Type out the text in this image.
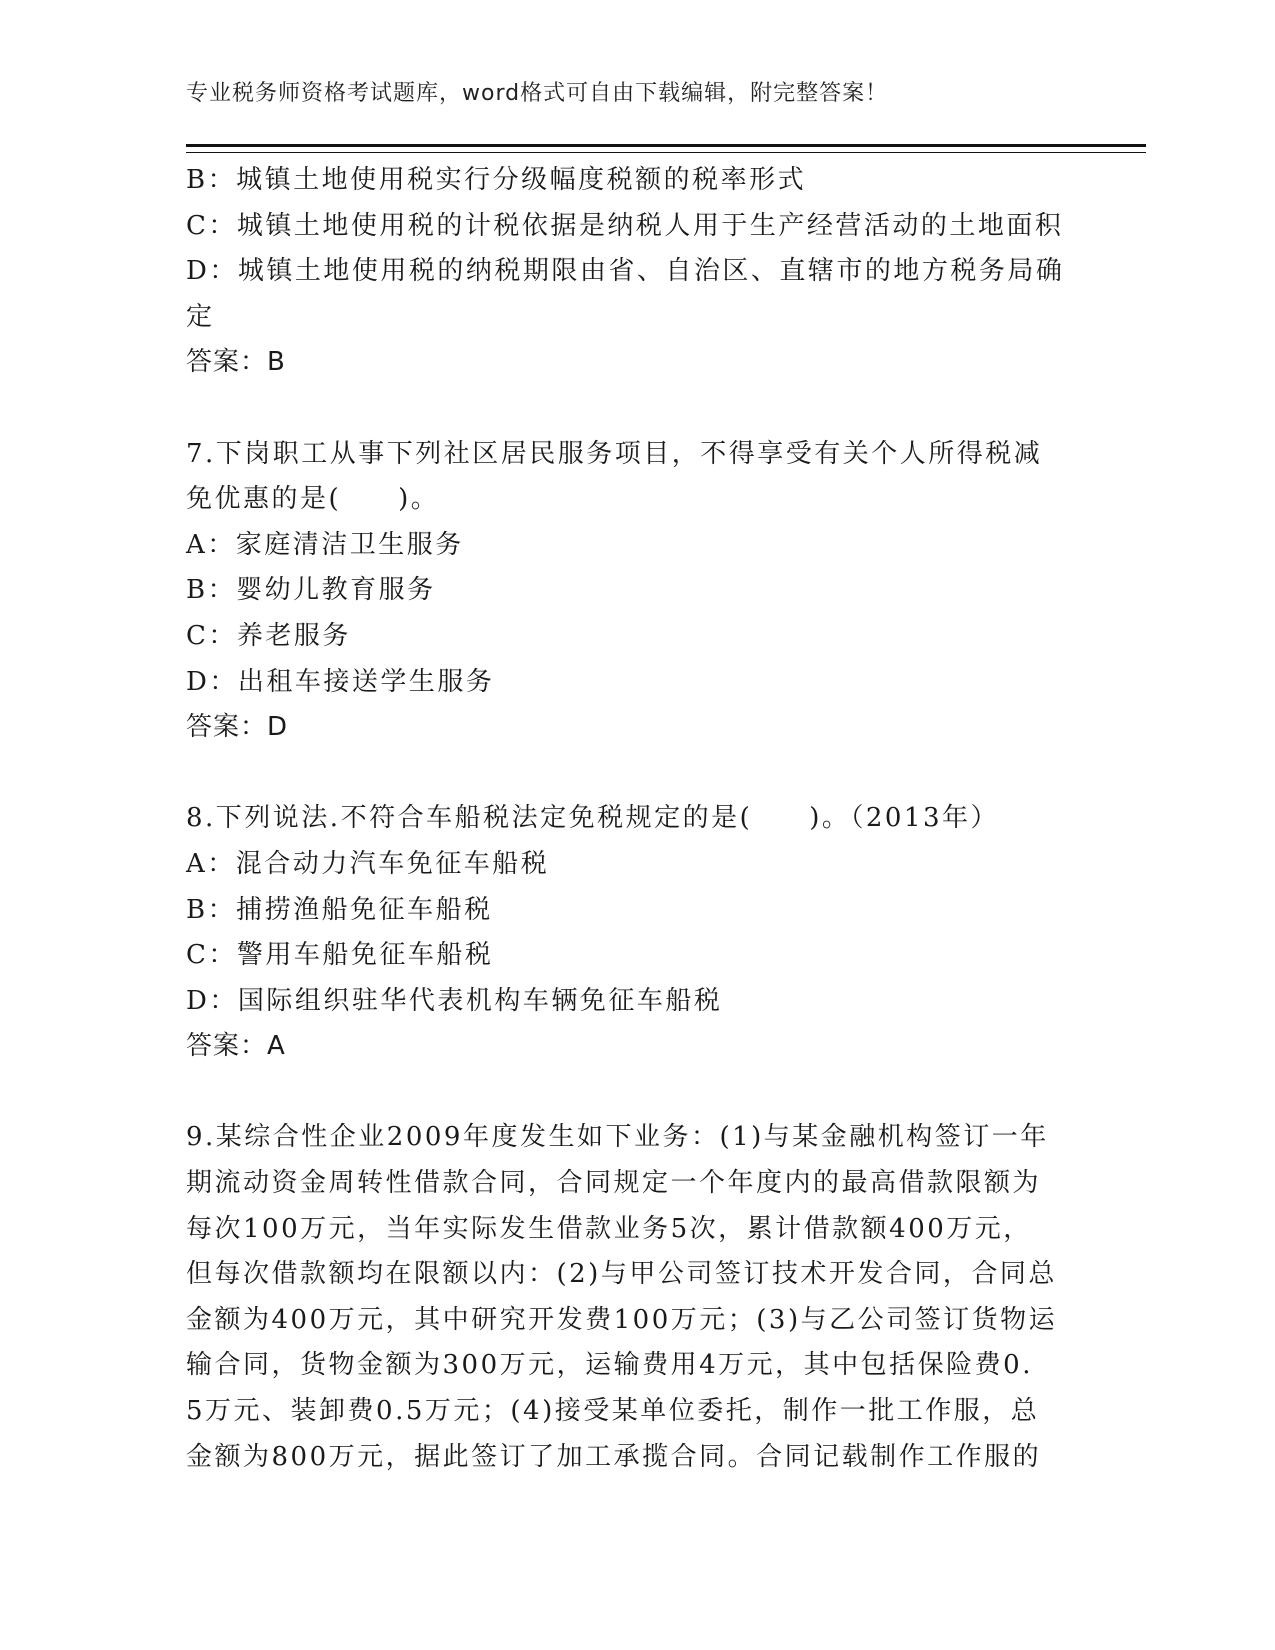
专业税务师资格考试题库，word格式可自由下载编辑，附完整答案！
B：城镇土地使用税实行分级幅度税额的税率形式
C：城镇土地使用税的计税依据是纳税人用于生产经营活动的土地面积
D：城镇土地使用税的纳税期限由省、自治区、直辖市的地方税务局确
定
答案：B
7.下岗职工从事下列社区居民服务项目，不得享受有关个人所得税减
免优惠的是(　　)。
A：家庭清洁卫生服务
B：婴幼儿教育服务
C：养老服务
D：出租车接送学生服务
答案：D
8.下列说法.不符合车船税法定免税规定的是(　　)。（2013年）
A：混合动力汽车免征车船税
B：捕捞渔船免征车船税
C：警用车船免征车船税
D：国际组织驻华代表机构车辆免征车船税
答案：A
9.某综合性企业2009年度发生如下业务：(1)与某金融机构签订一年
期流动资金周转性借款合同，合同规定一个年度内的最高借款限额为
每次100万元，当年实际发生借款业务5次，累计借款额400万元，
但每次借款额均在限额以内：(2)与甲公司签订技术开发合同，合同总
金额为400万元，其中研究开发费100万元；(3)与乙公司签订货物运
输合同，货物金额为300万元，运输费用4万元，其中包括保险费0.
5万元、装卸费0.5万元；(4)接受某单位委托，制作一批工作服，总
金额为800万元，据此签订了加工承揽合同。合同记载制作工作服的
